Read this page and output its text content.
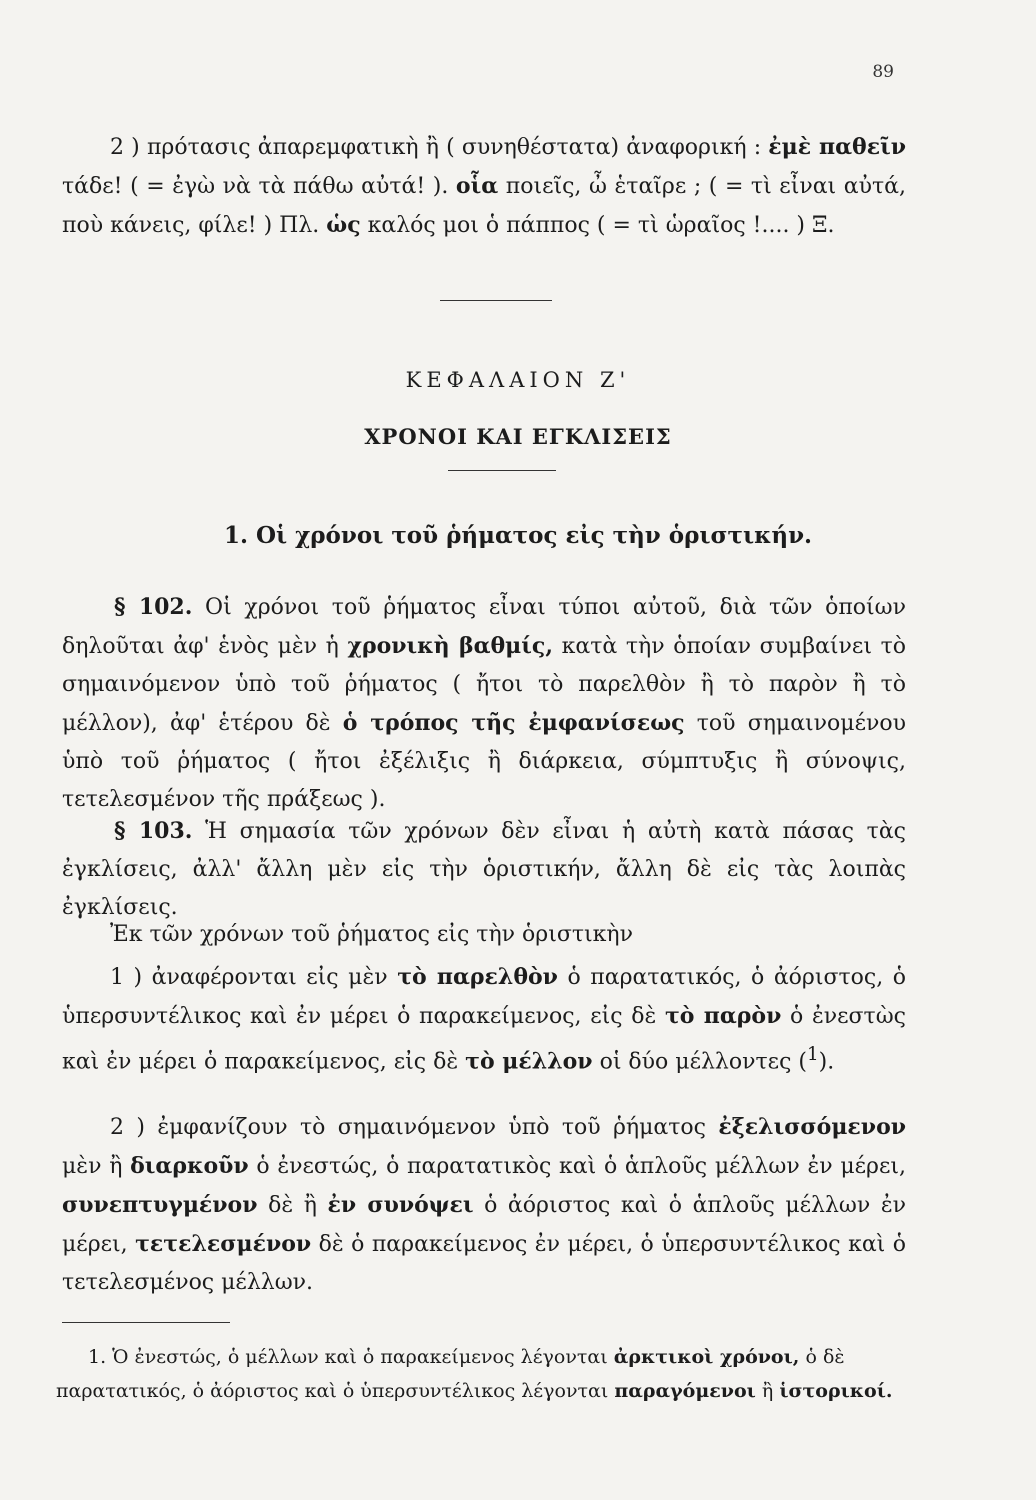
89

2 ) πρότασις ἀπαρεμφατικὴ ἢ ( συνηθέστατα) ἀναφορική : ἐμὲ παθεῖν τάδε! ( = ἐγὼ νὰ τὰ πάθω αὐτά! ). οἷα ποιεῖς, ὦ ἑταῖρε ; ( = τὶ εἶναι αὐτά, ποὺ κάνεις, φίλε! ) Πλ. ὡς καλός μοι ὁ πάππος ( = τὶ ὡραῖος !.... ) Ξ.

ΚΕΦΑΛΑΙΟΝ Ζ'
ΧΡΟΝΟΙ ΚΑΙ ΕΓΚΛΙΣΕΙΣ
1. Οἱ χρόνοι τοῦ ῥήματος εἰς τὴν ὁριστικήν.

§ 102. Οἱ χρόνοι τοῦ ῥήματος εἶναι τύποι αὐτοῦ, διὰ τῶν ὁποίων δηλοῦται ἀφ' ἑνὸς μὲν ἡ χρονικὴ βαθμίς, κατὰ τὴν ὁποίαν συμβαίνει τὸ σημαινόμενον ὑπὸ τοῦ ῥήματος ( ἤτοι τὸ παρελθὸν ἢ τὸ παρὸν ἢ τὸ μέλλον), ἀφ' ἑτέρου δὲ ὁ τρόπος τῆς ἐμφανίσεως τοῦ σημαινομένου ὑπὸ τοῦ ῥήματος ( ἤτοι ἐξέλιξις ἢ διάρκεια, σύμπτυξις ἢ σύνοψις, τετελεσμένον τῆς πράξεως ).

§ 103. Ἡ σημασία τῶν χρόνων δὲν εἶναι ἡ αὐτὴ κατὰ πάσας τὰς ἐγκλίσεις, ἀλλ' ἄλλη μὲν εἰς τὴν ὁριστικήν, ἄλλη δὲ εἰς τὰς λοιπὰς ἐγκλίσεις.

Ἐκ τῶν χρόνων τοῦ ῥήματος εἰς τὴν ὁριστικὴν

1 ) ἀναφέρονται εἰς μὲν τὸ παρελθὸν ὁ παρατατικός, ὁ ἀόριστος, ὁ ὑπερσυντέλικος καὶ ἐν μέρει ὁ παρακείμενος, εἰς δὲ τὸ παρὸν ὁ ἐνεστὼς καὶ ἐν μέρει ὁ παρακείμενος, εἰς δὲ τὸ μέλλον οἱ δύο μέλλοντες ($^1$).

2 ) ἐμφανίζουν τὸ σημαινόμενον ὑπὸ τοῦ ῥήματος ἐξελισσόμενον μὲν ἢ διαρκοῦν ὁ ἐνεστώς, ὁ παρατατικὸς καὶ ὁ ἁπλοῦς μέλλων ἐν μέρει, συνεπτυγμένον δὲ ἢ ἐν συνόψει ὁ ἀόριστος καὶ ὁ ἁπλοῦς μέλλων ἐν μέρει, τετελεσμένον δὲ ὁ παρακείμενος ἐν μέρει, ὁ ὑπερσυντέλικος καὶ ὁ τετελεσμένος μέλλων.

1. Ὁ ἐνεστώς, ὁ μέλλων καὶ ὁ παρακείμενος λέγονται ἀρκτικοὶ χρόνοι, ὁ δὲ
παρατατικός, ὁ ἀόριστος καὶ ὁ ὑπερσυντέλικος λέγονται παραγόμενοι ἢ ἱστορικοί.
